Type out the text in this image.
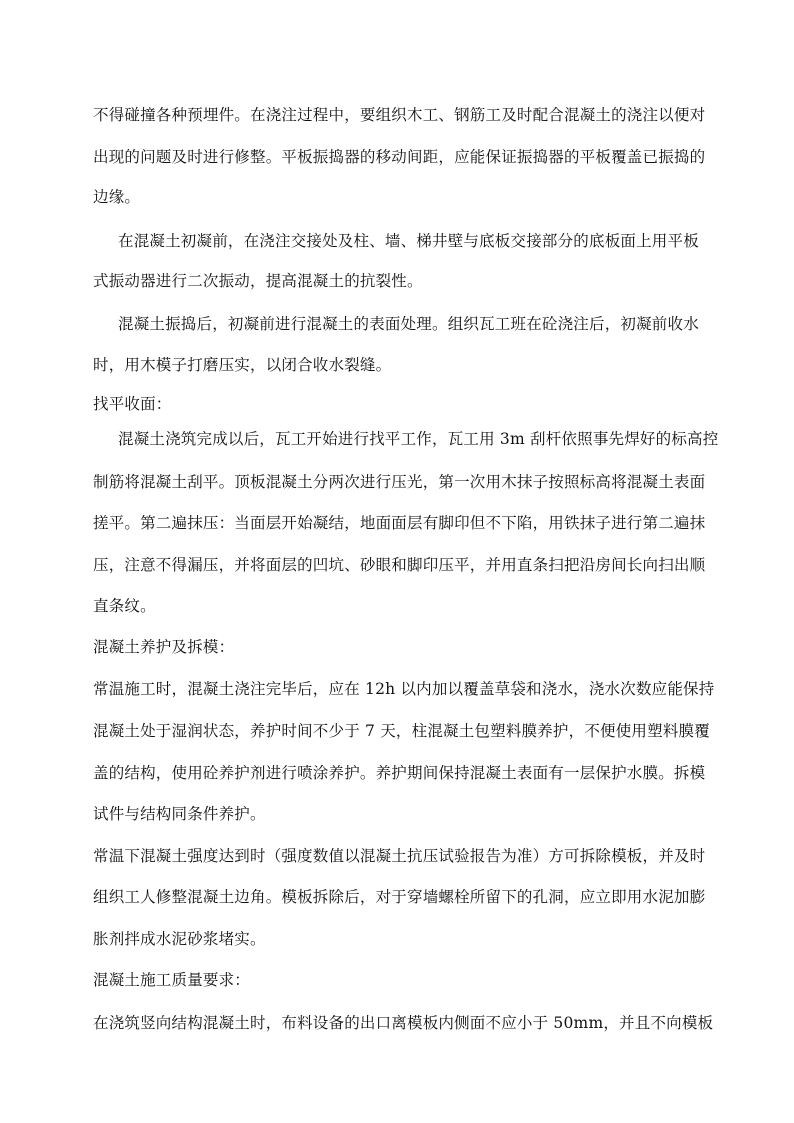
不得碰撞各种预埋件。在浇注过程中，要组织木工、钢筋工及时配合混凝土的浇注以便对
出现的问题及时进行修整。平板振捣器的移动间距，应能保证振捣器的平板覆盖已振捣的
边缘。
在混凝土初凝前，在浇注交接处及柱、墙、梯井壁与底板交接部分的底板面上用平板
式振动器进行二次振动，提高混凝土的抗裂性。
混凝土振捣后，初凝前进行混凝土的表面处理。组织瓦工班在砼浇注后，初凝前收水
时，用木模子打磨压实，以闭合收水裂缝。
找平收面：
混凝土浇筑完成以后，瓦工开始进行找平工作，瓦工用 3m 刮杆依照事先焊好的标高控
制筋将混凝土刮平。顶板混凝土分两次进行压光，第一次用木抹子按照标高将混凝土表面
搓平。第二遍抹压：当面层开始凝结，地面面层有脚印但不下陷，用铁抹子进行第二遍抹
压，注意不得漏压，并将面层的凹坑、砂眼和脚印压平，并用直条扫把沿房间长向扫出顺
直条纹。
混凝土养护及拆模：
常温施工时，混凝土浇注完毕后，应在 12h 以内加以覆盖草袋和浇水，浇水次数应能保持
混凝土处于湿润状态，养护时间不少于 7 天，柱混凝土包塑料膜养护，不便使用塑料膜覆
盖的结构，使用砼养护剂进行喷涂养护。养护期间保持混凝土表面有一层保护水膜。拆模
试件与结构同条件养护。
常温下混凝土强度达到时（强度数值以混凝土抗压试验报告为准）方可拆除模板，并及时
组织工人修整混凝土边角。模板拆除后，对于穿墙螺栓所留下的孔洞，应立即用水泥加膨
胀剂拌成水泥砂浆堵实。
混凝土施工质量要求：
在浇筑竖向结构混凝土时，布料设备的出口离模板内侧面不应小于 50mm，并且不向模板
